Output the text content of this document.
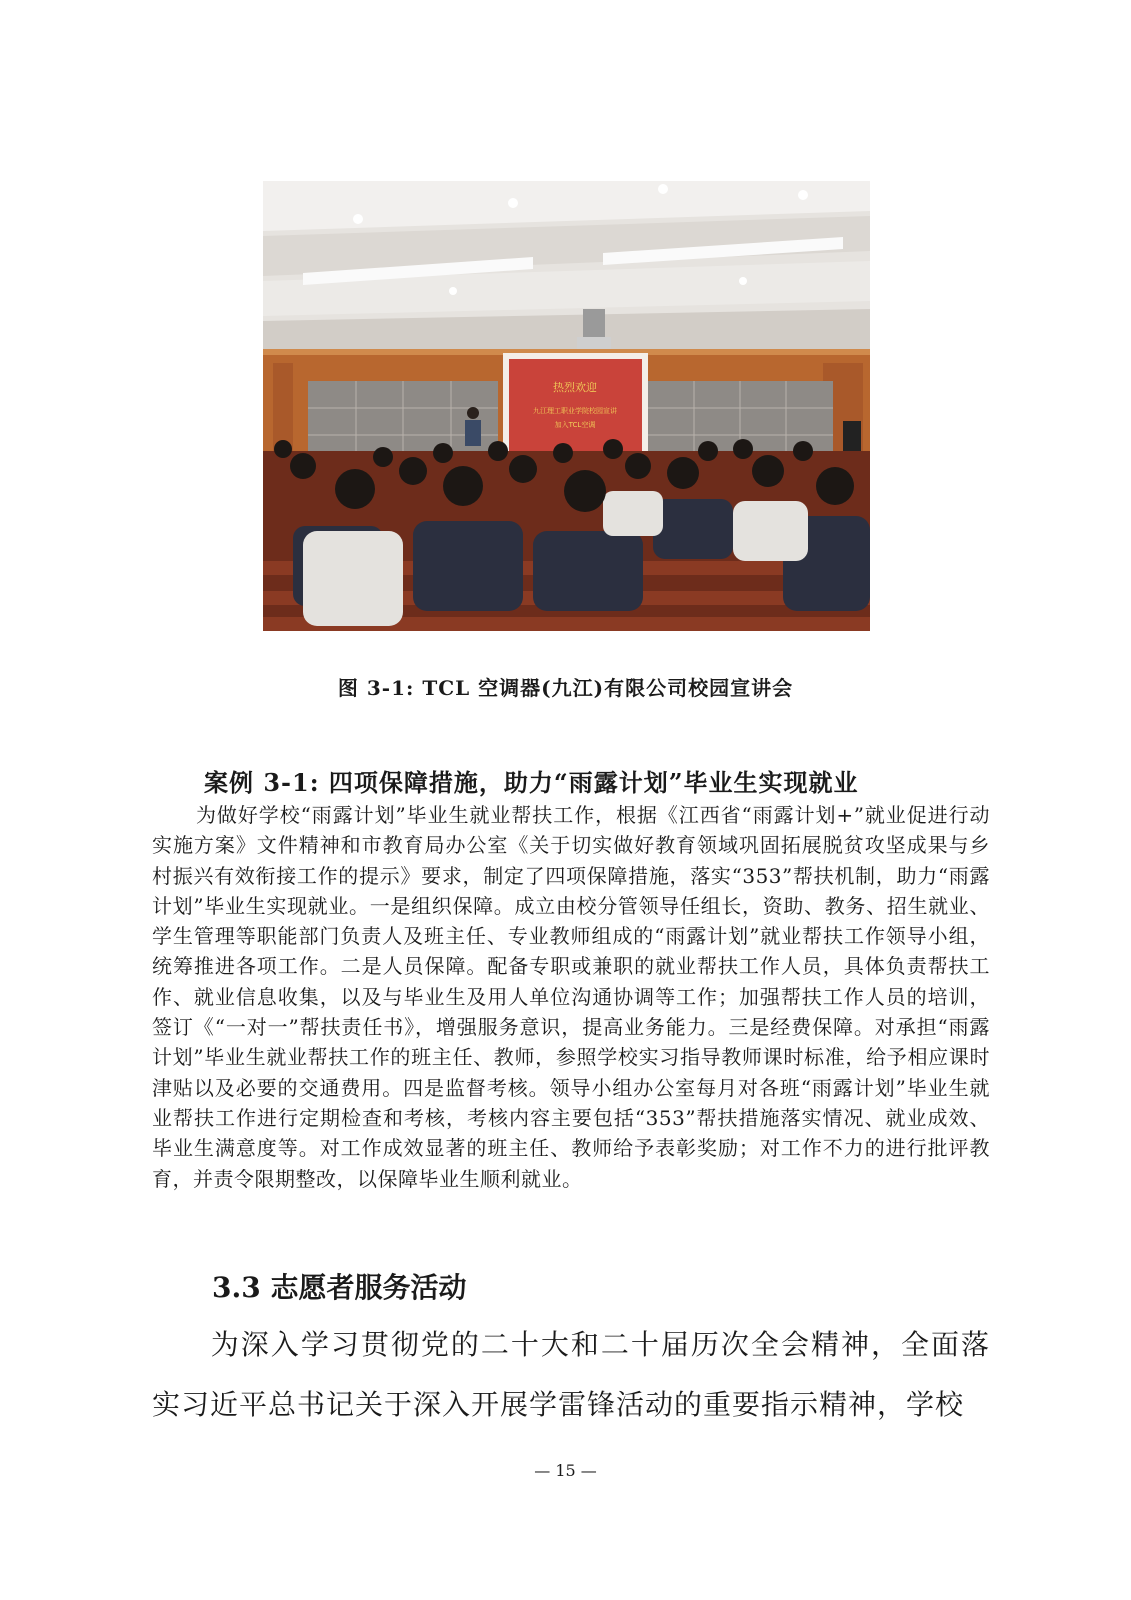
热烈欢迎
九江理工职业学院校园宣讲
加入TCL空调
图 3-1: TCL 空调器(九江)有限公司校园宣讲会
案例 3-1: 四项保障措施，助力“雨露计划”毕业生实现就业
为做好学校“雨露计划”毕业生就业帮扶工作，根据《江西省“雨露计划+”就业促进行动实施方案》文件精神和市教育局办公室《关于切实做好教育领域巩固拓展脱贫攻坚成果与乡村振兴有效衔接工作的提示》要求，制定了四项保障措施，落实“353”帮扶机制，助力“雨露计划”毕业生实现就业。一是组织保障。成立由校分管领导任组长，资助、教务、招生就业、学生管理等职能部门负责人及班主任、专业教师组成的“雨露计划”就业帮扶工作领导小组，统筹推进各项工作。二是人员保障。配备专职或兼职的就业帮扶工作人员，具体负责帮扶工作、就业信息收集，以及与毕业生及用人单位沟通协调等工作；加强帮扶工作人员的培训，签订《“一对一”帮扶责任书》，增强服务意识，提高业务能力。三是经费保障。对承担“雨露计划”毕业生就业帮扶工作的班主任、教师，参照学校实习指导教师课时标准，给予相应课时津贴以及必要的交通费用。四是监督考核。领导小组办公室每月对各班“雨露计划”毕业生就业帮扶工作进行定期检查和考核，考核内容主要包括“353”帮扶措施落实情况、就业成效、毕业生满意度等。对工作成效显著的班主任、教师给予表彰奖励；对工作不力的进行批评教育，并责令限期整改，以保障毕业生顺利就业。
3.3 志愿者服务活动
为深入学习贯彻党的二十大和二十届历次全会精神，全面落实习近平总书记关于深入开展学雷锋活动的重要指示精神，学校
— 15 —
